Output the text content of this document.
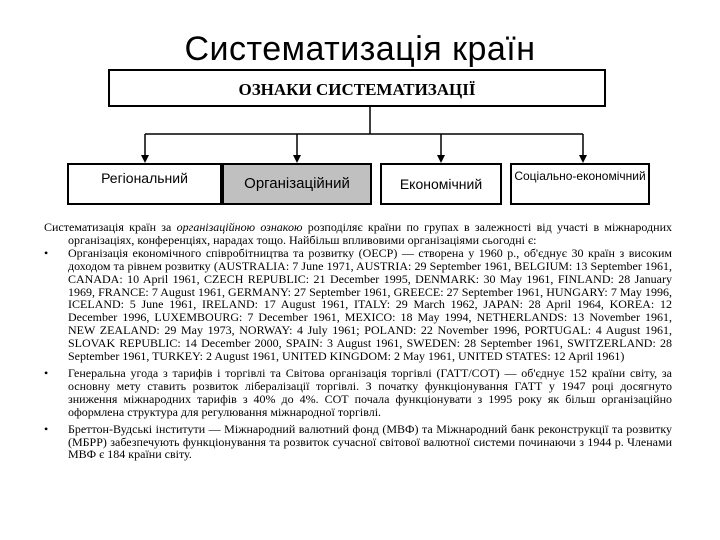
Систематизація країн
ОЗНАКИ СИСТЕМАТИЗАЦІЇ
Регіональний	Організаційний	Економічний	Соціально-економічний

Систематизація країн за організаційною ознакою розподіляє країни по групах в залежності від участі в міжнародних організаціях, конференціях, нарадах тощо. Найбільш впливовими організаціями сьогодні є:

• Організація економічного співробітництва та розвитку (OECP) — створена у 1960 р., об'єднує 30 країн з високим доходом та рівнем розвитку (AUSTRALIA: 7 June 1971, AUSTRIA: 29 September 1961, BELGIUM: 13 September 1961, CANADA: 10 April 1961, CZECH REPUBLIC: 21 December 1995, DENMARK: 30 May 1961, FINLAND: 28 January 1969, FRANCE: 7 August 1961, GERMANY: 27 September 1961, GREECE: 27 September 1961, HUNGARY: 7 May 1996, ICELAND: 5 June 1961, IRELAND: 17 August 1961, ITALY: 29 March 1962, JAPAN: 28 April 1964, KOREA: 12 December 1996, LUXEMBOURG: 7 December 1961, MEXICO: 18 May 1994, NETHERLANDS: 13 November 1961, NEW ZEALAND: 29 May 1973, NORWAY: 4 July 1961; POLAND: 22 November 1996, PORTUGAL: 4 August 1961, SLOVAK REPUBLIC: 14 December 2000, SPAIN: 3 August 1961, SWEDEN: 28 September 1961, SWITZERLAND: 28 September 1961, TURKEY: 2 August 1961, UNITED KINGDOM: 2 May 1961, UNITED STATES: 12 April 1961)
• Генеральна угода з тарифів і торгівлі та Світова організація торгівлі (ГАТТ/СОТ) — об'єднує 152 країни світу, за основну мету ставить розвиток лібералізації торгівлі. З початку функціонування ГАТТ у 1947 році досягнуто зниження міжнародних тарифів з 40% до 4%. СОТ почала функціонувати з 1995 року як більш організаційно оформлена структура для регулювання міжнародної торгівлі.
• Бреттон-Вудські інститути — Міжнародний валютний фонд (МВФ) та Міжнародний банк реконструкції та розвитку (МБРР) забезпечують функціонування та розвиток сучасної світової валютної системи починаючи з 1944 р. Членами МВФ є 184 країни світу.
